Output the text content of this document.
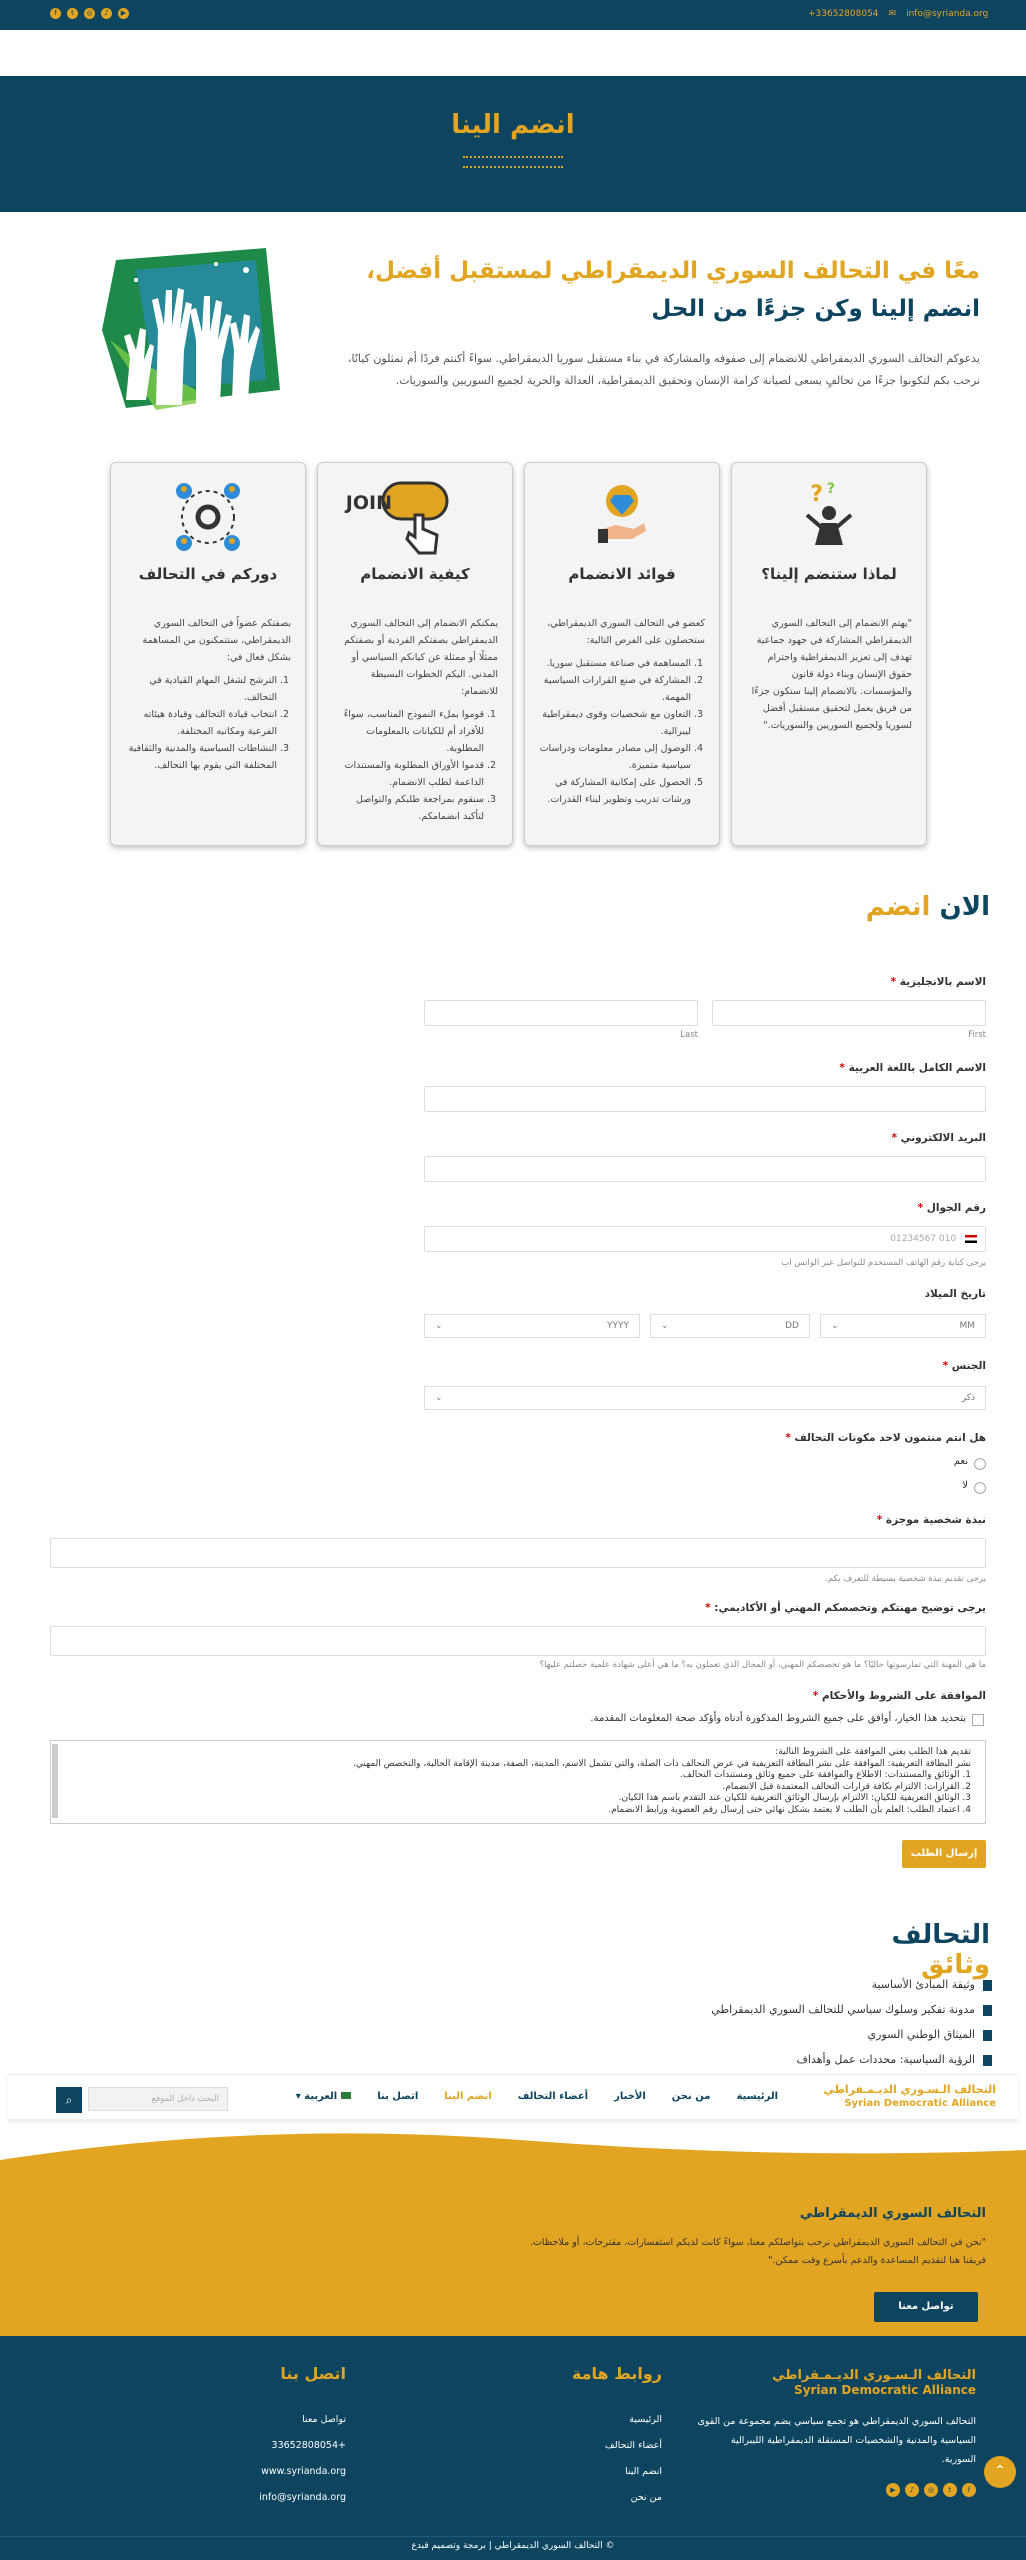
+33652808054 ✉ info@syrianda.org
▶
♪
◎
t
f
انضم الينا
معًا في التحالف السوري الديمقراطي لمستقبل أفضل، انضم إلينا وكن جزءًا من الحل
يدعوكم التحالف السوري الديمقراطي للانضمام إلى صفوفه والمشاركة في بناء مستقبل سوريا الديمقراطي. سواءً أكنتم فردًا أم تمثلون كيانًا، نرحب بكم لتكونوا جزءًا من تحالفٍ يسعى لصيانة كرامة الإنسان وتحقيق الديمقراطية، العدالة والحرية لجميع السوريين والسوريات.
? ?
لماذا ستنضم إلينا؟

"يهتم الانضمام إلى التحالف السوري الديمقراطي المشاركة في جهود جماعية تهدف إلى تعزيز الديمقراطية واحترام حقوق الإنسان وبناء دولة قانون والمؤسسات. بالانضمام إلينا ستكون جزءًا من فريق يعمل لتحقيق مستقبل أفضل لسوريا ولجميع السوريين والسوريات."

فوائد الانضمام

كعضو في التحالف السوري الديمقراطي، ستحصلون على الفرص التالية:

1. المساهمة في صناعة مستقبل سوريا.
2. المشاركة في صنع القرارات السياسية المهمة.
3. التعاون مع شخصيات وقوى ديمقراطية ليبرالية.
4. الوصول إلى مصادر معلومات ودراسات سياسية متميزة.
5. الحصول على إمكانية المشاركة في ورشات تدريب وتطوير لبناء القدرات.
JOIN
كيفية الانضمام

يمكنكم الانضمام إلى التحالف السوري الديمقراطي بصفتكم الفردية أو بصفتكم ممثلًا أو ممثلة عن كيانكم السياسي أو المدني. اليكم الخطوات البسيطة للانضمام:

1. قوموا بملء النموذج المناسب، سواءً للأفراد أم للكيانات بالمعلومات المطلوبة.
2. قدموا الأوراق المطلوبة والمستندات الداعمة لطلب الانضمام.
3. سنقوم بمراجعة طلبكم والتواصل لتأكيد انضمامكم.
دوركم في التحالف

بصفتكم عضواً في التحالف السوري الديمقراطي، ستتمكنون من المساهمة بشكل فعال في:

1. الترشح لشغل المهام القيادية في التحالف.
2. انتخاب قيادة التحالف وقيادة هيئاته الفرعية ومكاتبه المختلفة.
3. النشاطات السياسية والمدنية والثقافية المختلفة التي يقوم بها التحالف.
الان انضم
الاسم بالانجليزية *
First
Last
الاسم الكامل باللغة العربية *
البريد الالكتروني *
رقم الجوال *
010 01234567
يرجى كتابة رقم الهاتف المستخدم للتواصل عبر الواتس اب
تاريخ الميلاد
MM
⌄
DD
⌄
YYYY
⌄
الجنس *
ذكر
⌄
هل انتم منتمون لاحد مكونات التحالف *
نعم
لا
نبذة شخصية موجزة *
يرجى تقديم نبذة شخصية بسيطة للتعرف بكم.
يرجى توضيح مهنتكم وتخصصكم المهني أو الأكاديمي: *
ما هي المهنة التي تمارسونها حاليًا؟ ما هو تخصصكم المهني، أو المجال الذي تعملون به؟ ما هي أعلى شهادة علمية حصلتم عليها؟
الموافقة على الشروط والأحكام *
بتحديد هذا الخيار، أوافق على جميع الشروط المذكورة أدناه وأؤكد صحة المعلومات المقدمة.
تقديم هذا الطلب يعني الموافقة على الشروط التالية:
نشر البطاقة التعريفية: الموافقة على نشر البطاقة التعريفية في عرض التحالف ذات الصلة، والتي تشمل الاسم، المدينة، الصفة، مدينة الإقامة الحالية، والتخصص المهني.
1. الوثائق والمستندات: الاطلاع والموافقة على جميع وثائق ومستندات التحالف.
2. القرارات: الالتزام بكافة قرارات التحالف المعتمدة قبل الانضمام.
3. الوثائق التعريفية للكيان: الالتزام بإرسال الوثائق التعريفية للكيان عند التقدم باسم هذا الكيان.
4. اعتماد الطلب: العلم بأن الطلب لا يعتمد بشكل نهائي حتى إرسال رقم العضوية ورابط الانضمام.
إرسال الطلب
التحالف وثائق
وثيقة المبادئ الأساسية
مدونة تفكير وسلوك سياسي للتحالف السوري الديمقراطي
الميثاق الوطني السوري
الرؤية السياسية: محددات عمل وأهداف
التحالف الـسـوري الديـمـقراطي
Syrian Democratic Alliance
الرئيسية
من نحن
الأخبار
أعضاء التحالف
انضم الينا
اتصل بنا
العربية ▾
البحث داخل الموقع
⌕
التحالف السوري الديمقراطي

"نحن في التحالف السوري الديمقراطي نرحب بتواصلكم معنا، سواءً كانت لديكم استفسارات، مقترحات، أو ملاحظات.
فريقنا هنا لتقديم المساعدة والدعم بأسرع وقت ممكن."

تواصل معنا
التحالف الـسـوري الديـمـقراطي
Syrian Democratic Alliance

التحالف السوري الديمقراطي هو تجمع سياسي يضم مجموعة من القوى السياسية والمدنية والشخصيات المستقلة الديمقراطية الليبرالية السورية.

▶	♪	◎	t	f
روابط هامة
الرئيسية
أعضاء التحالف
انضم الينا
من نحن
اتصل بنا
تواصل معنا
+33652808054
www.syrianda.org
info@syrianda.org
© التحالف السوري الديمقراطي | برمجة وتصميم قبدع
⌃
